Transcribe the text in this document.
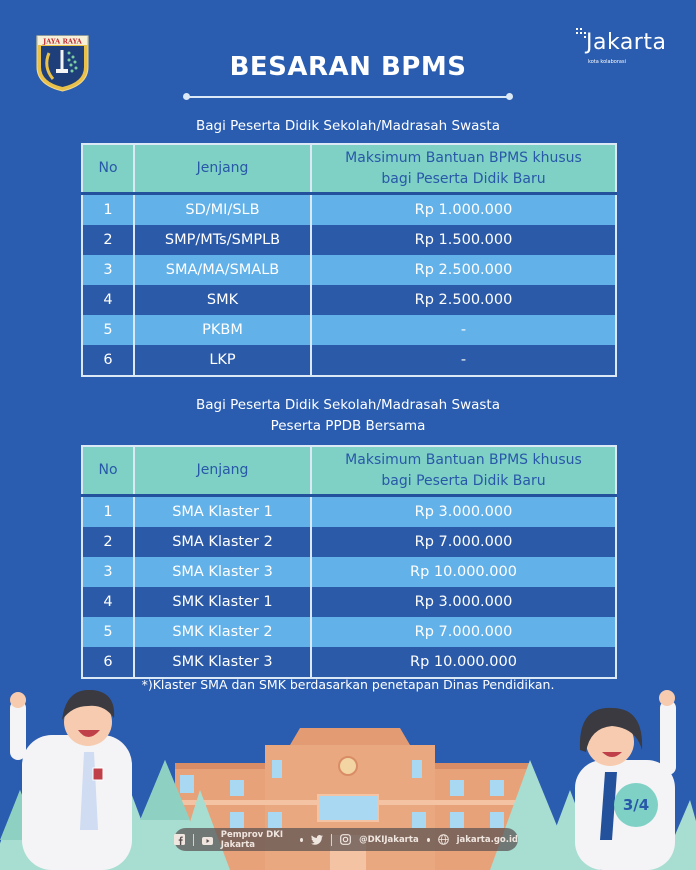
JAYA RAYA	Jakarta
kota kolaborasi
BESARAN BPMS
Bagi Peserta Didik Sekolah/Madrasah Swasta
No	Jenjang	Maksimum Bantuan BPMS khusus
bagi Peserta Didik Baru

1	SD/MI/SLB	Rp 1.000.000
2	SMP/MTs/SMPLB	Rp 1.500.000
3	SMA/MA/SMALB	Rp 2.500.000
4	SMK	Rp 2.500.000
5	PKBM	-
6	LKP	-
Bagi Peserta Didik Sekolah/Madrasah Swasta
Peserta PPDB Bersama
No	Jenjang	Maksimum Bantuan BPMS khusus
bagi Peserta Didik Baru

1	SMA Klaster 1	Rp 3.000.000
2	SMA Klaster 2	Rp 7.000.000
3	SMA Klaster 3	Rp 10.000.000
4	SMK Klaster 1	Rp 3.000.000
5	SMK Klaster 2	Rp 7.000.000
6	SMK Klaster 3	Rp 10.000.000
*)Klaster SMA dan SMK berdasarkan penetapan Dinas Pendidikan.
Pemprov DKI Jakarta	@DKIJakarta	jakarta.go.id
3/4
